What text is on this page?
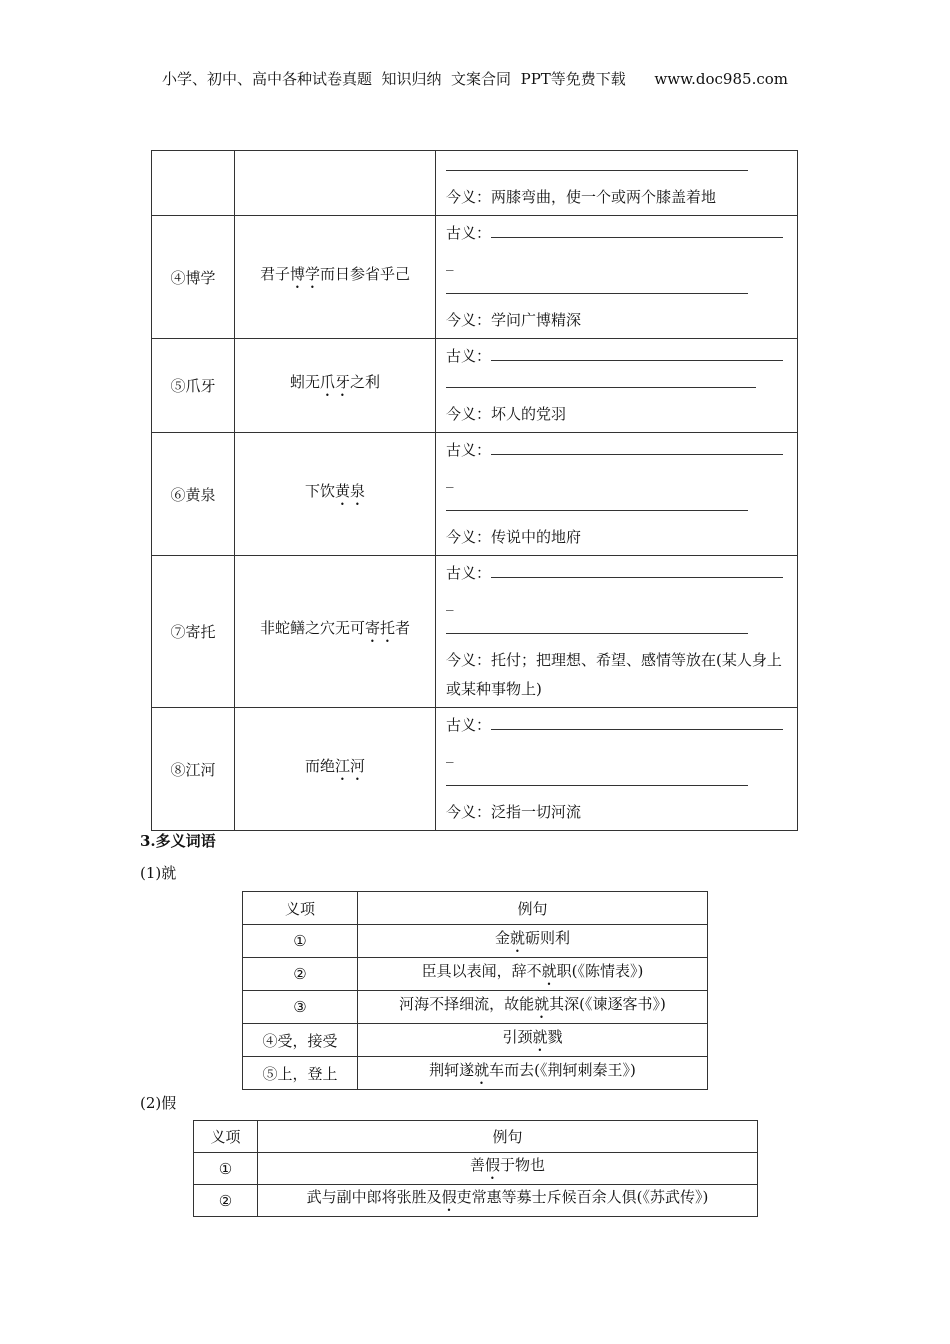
小学、初中、高中各种试卷真题  知识归纳  文案合同  PPT等免费下载      www.doc985.com

今义：两膝弯曲，使一个或两个膝盖着地
④博学	君子博学而日参省乎己	古义：
_
今义：学问广博精深
⑤爪牙	蚓无爪牙之利	古义：
今义：坏人的党羽
⑥黄泉	下饮黄泉	古义：
_
今义：传说中的地府
⑦寄托	非蛇鳝之穴无可寄托者	古义：
_
今义：托付；把理想、希望、感情等放在(某人身上或某种事物上)
⑧江河	而绝江河	古义：
_
今义：泛指一切河流
3.多义词语
(1)就
义项	例句
①	金就砺则利
②	臣具以表闻，辞不就职(《陈情表》)
③	河海不择细流，故能就其深(《谏逐客书》)
④受，接受	引颈就戮
⑤上，登上	荆轲遂就车而去(《荆轲刺秦王》)
(2)假
义项	例句
①	善假于物也
②	武与副中郎将张胜及假吏常惠等募士斥候百余人俱(《苏武传》)
